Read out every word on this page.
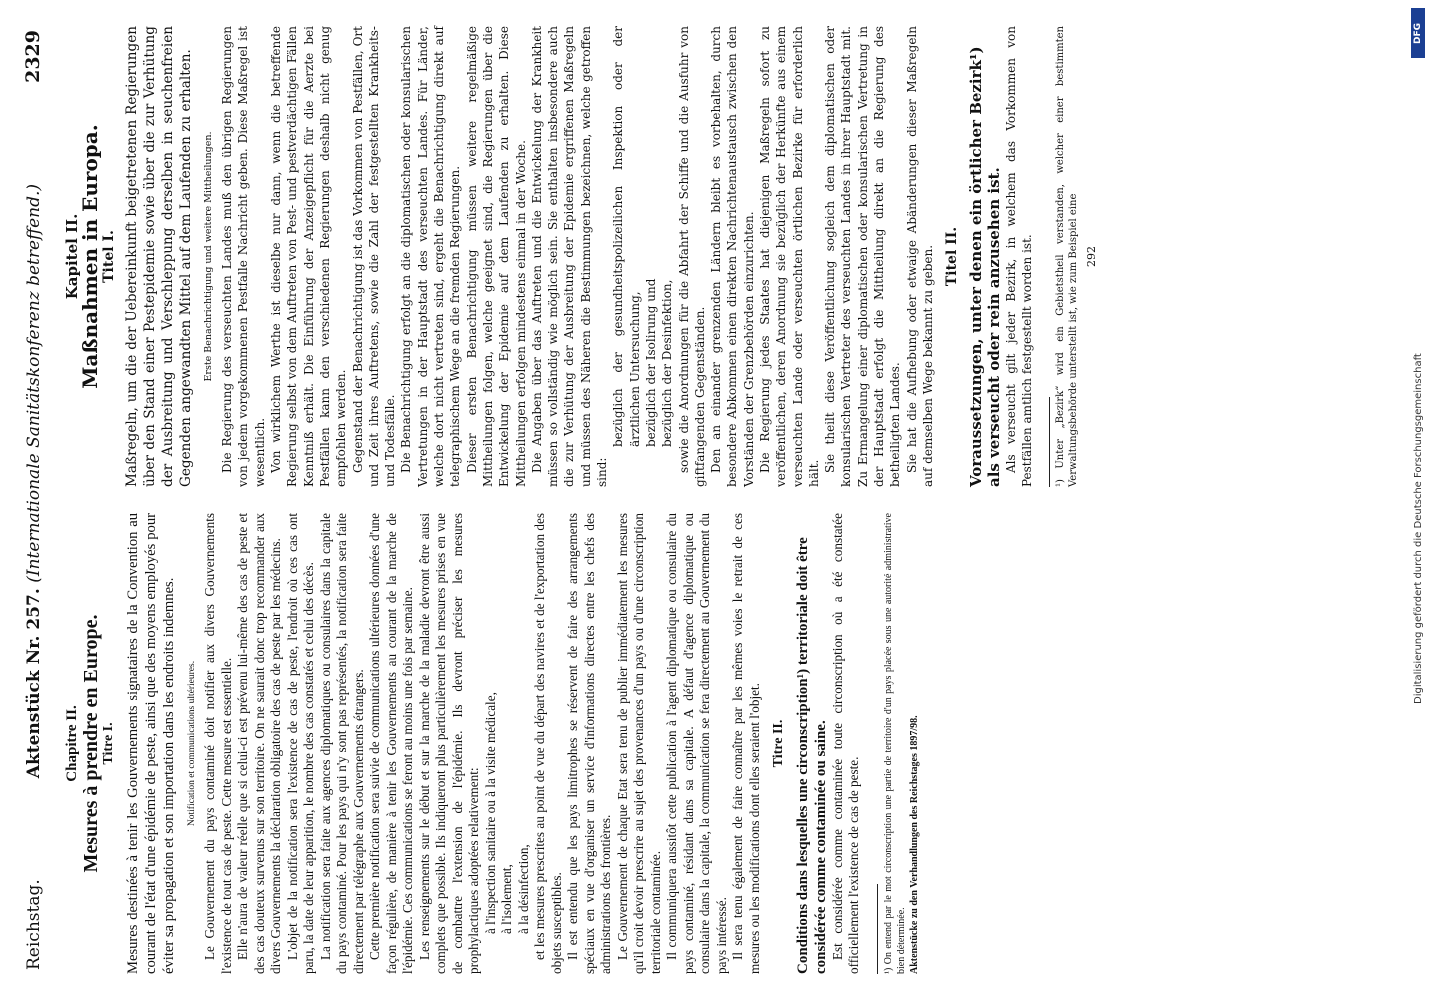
Reichstag.
Aktenstück Nr. 257. (Internationale Sanitätskonferenz betreffend.)
2329
Chapitre II. Mesures à prendre en Europe. Titre I. Mesures destinées à tenir les Gouvernements signataires de la Convention au courant de l'état d'une épidémie de peste, ainsi que des moyens employés pour éviter sa propagation et son importation dans les endroits indemnes.	Notification et communications ultérieures. Le Gouvernement du pays contaminé doit notifier aux divers Gouvernements l'existence de tout cas de peste. Cette mesure est essentielle. Elle n'aura de valeur réelle que si celui-ci est prévenu lui-même des cas de peste et des cas douteux survenus sur son territoire. On ne saurait donc trop recommander aux divers Gouvernements la déclaration obligatoire des cas de peste par les médecins. L'objet de la notification sera l'existence de cas de peste, l'endroit où ces cas ont paru, la date de leur apparition, le nombre des cas constatés et celui des décès. La notification sera faite aux agences diplomatiques ou consulaires dans la capitale du pays contaminé. Pour les pays qui n'y sont pas représentés, la notification sera faite directement par télégraphe aux Gouvernements étrangers. Cette première notification sera suivie de communications ultérieures données d'une façon régulière, de manière à tenir les Gouvernements au courant de la marche de l'épidémie. Ces communications se feront au moins une fois par semaine. Les renseignements sur le début et sur la marche de la maladie devront être aussi complets que possible. Ils indiqueront plus particulièrement les mesures prises en vue de combattre l'extension de l'épidémie. Ils devront préciser les mesures prophylactiques adoptées relativement: à l'inspection sanitaire ou à la visite médicale, à l'isolement, à la désinfection, et les mesures prescrites au point de vue du départ des navires et de l'exportation des objets susceptibles. Il est entendu que les pays limitrophes se réservent de faire des arrangements spéciaux en vue d'organiser un service d'informations directes entre les chefs des administrations des frontières. Le Gouvernement de chaque Etat sera tenu de publier immédiatement les mesures qu'il croit devoir prescrire au sujet des provenances d'un pays ou d'une circonscription territoriale contaminée. Il communiquera aussitôt cette publication à l'agent diplomatique ou consulaire du pays contaminé, résidant dans sa capitale. A défaut d'agence diplomatique ou consulaire dans la capitale, la communication se fera directement au Gouvernement du pays intéressé. Il sera tenu également de faire connaître par les mêmes voies le retrait de ces mesures ou les modifications dont elles seraient l'objet. Titre II. Conditions dans lesquelles une circonscription¹) territoriale doit être considérée comme contaminée ou saine. Est considérée comme contaminée toute circonscription où a été constatée officiellement l'existence de cas de peste. ¹) On entend par le mot circonscription une partie de territoire d'un pays placée sous une autorité administrative bien déterminée. Aktenstücke zu den Verhandlungen des Reichstages 1897/98.

Kapitel II.
Maßnahmen in Europa.
Titel I. Maßregeln, um die der Uebereinkunft beigetretenen Regierungen über den Stand einer Pestepidemie sowie über die zur Verhütung der Ausbreitung und Verschleppung derselben in seuchenfreien Gegenden angewandten Mittel auf dem Laufenden zu erhalten. Erste Benachrichtigung und weitere Mittheilungen. Die Regierung des verseuchten Landes muß den übrigen Regierungen von jedem vorgekommenen Pestfalle Nachricht geben. Diese Maßregel ist wesentlich. Von wirklichem Werthe ist dieselbe nur dann, wenn die betreffende Regierung selbst von dem Auftreten von Pest- und pestverdächtigen Fällen Kenntniß erhält. Die Einführung der Anzeigepflicht für die Aerzte bei Pestfällen kann den verschiedenen Regierungen deshalb nicht genug empfohlen werden. Gegenstand der Benachrichtigung ist das Vorkommen von Pestfällen, Ort und Zeit ihres Auftretens, sowie die Zahl der festgestellten Krankheits- und Todesfälle. Die Benachrichtigung erfolgt an die diplomatischen oder konsularischen Vertretungen in der Hauptstadt des verseuchten Landes. Für Länder, welche dort nicht vertreten sind, ergeht die Benachrichtigung direkt auf telegraphischem Wege an die fremden Regierungen. Dieser ersten Benachrichtigung müssen weitere regelmäßige Mittheilungen folgen, welche geeignet sind, die Regierungen über die Entwickelung der Epidemie auf dem Laufenden zu erhalten. Diese Mittheilungen erfolgen mindestens einmal in der Woche. Die Angaben über das Auftreten und die Entwickelung der Krankheit müssen so vollständig wie möglich sein. Sie enthalten insbesondere auch die zur Verhütung der Ausbreitung der Epidemie ergriffenen Maßregeln und müssen des Näheren die Bestimmungen bezeichnen, welche getroffen sind:

bezüglich der gesundheitspolizeilichen Inspektion oder der ärztlichen Untersuchung, bezüglich der Isolirung und bezüglich der Desinfektion, sowie die Anordnungen für die Abfahrt der Schiffe und die Ausfuhr von giftfangenden Gegenständen. Den an einander grenzenden Ländern bleibt es vorbehalten, durch besondere Abkommen einen direkten Nachrichtenaustausch zwischen den Vorständen der Grenzbehörden einzurichten. Die Regierung jedes Staates hat diejenigen Maßregeln sofort zu veröffentlichen, deren Anordnung sie bezüglich der Herkünfte aus einem verseuchten Lande oder verseuchten örtlichen Bezirke für erforderlich hält.

Sie theilt diese Veröffentlichung sogleich dem diplomatischen oder konsularischen Vertreter des verseuchten Landes in ihrer Hauptstadt mit. Zu Ermangelung einer diplomatischen oder konsularischen Vertretung in der Hauptstadt erfolgt die Mittheilung direkt an die Regierung des betheiligten Landes. Sie hat die Aufhebung oder etwaige Abänderungen dieser Maßregeln auf demselben Wege bekannt zu geben. Titel II. Voraussetzungen, unter denen ein örtlicher Bezirk¹) als verseucht oder rein anzusehen ist. Als verseucht gilt jeder Bezirk, in welchem das Vorkommen von Pestfällen amtlich festgestellt worden ist. ¹) Unter „Bezirk“ wird ein Gebietstheil verstanden, welcher einer bestimmten Verwaltungsbehörde unterstellt ist, wie zum Beispiel eine 292
DFG
Digitalisierung gefördert durch die Deutsche Forschungsgemeinschaft
